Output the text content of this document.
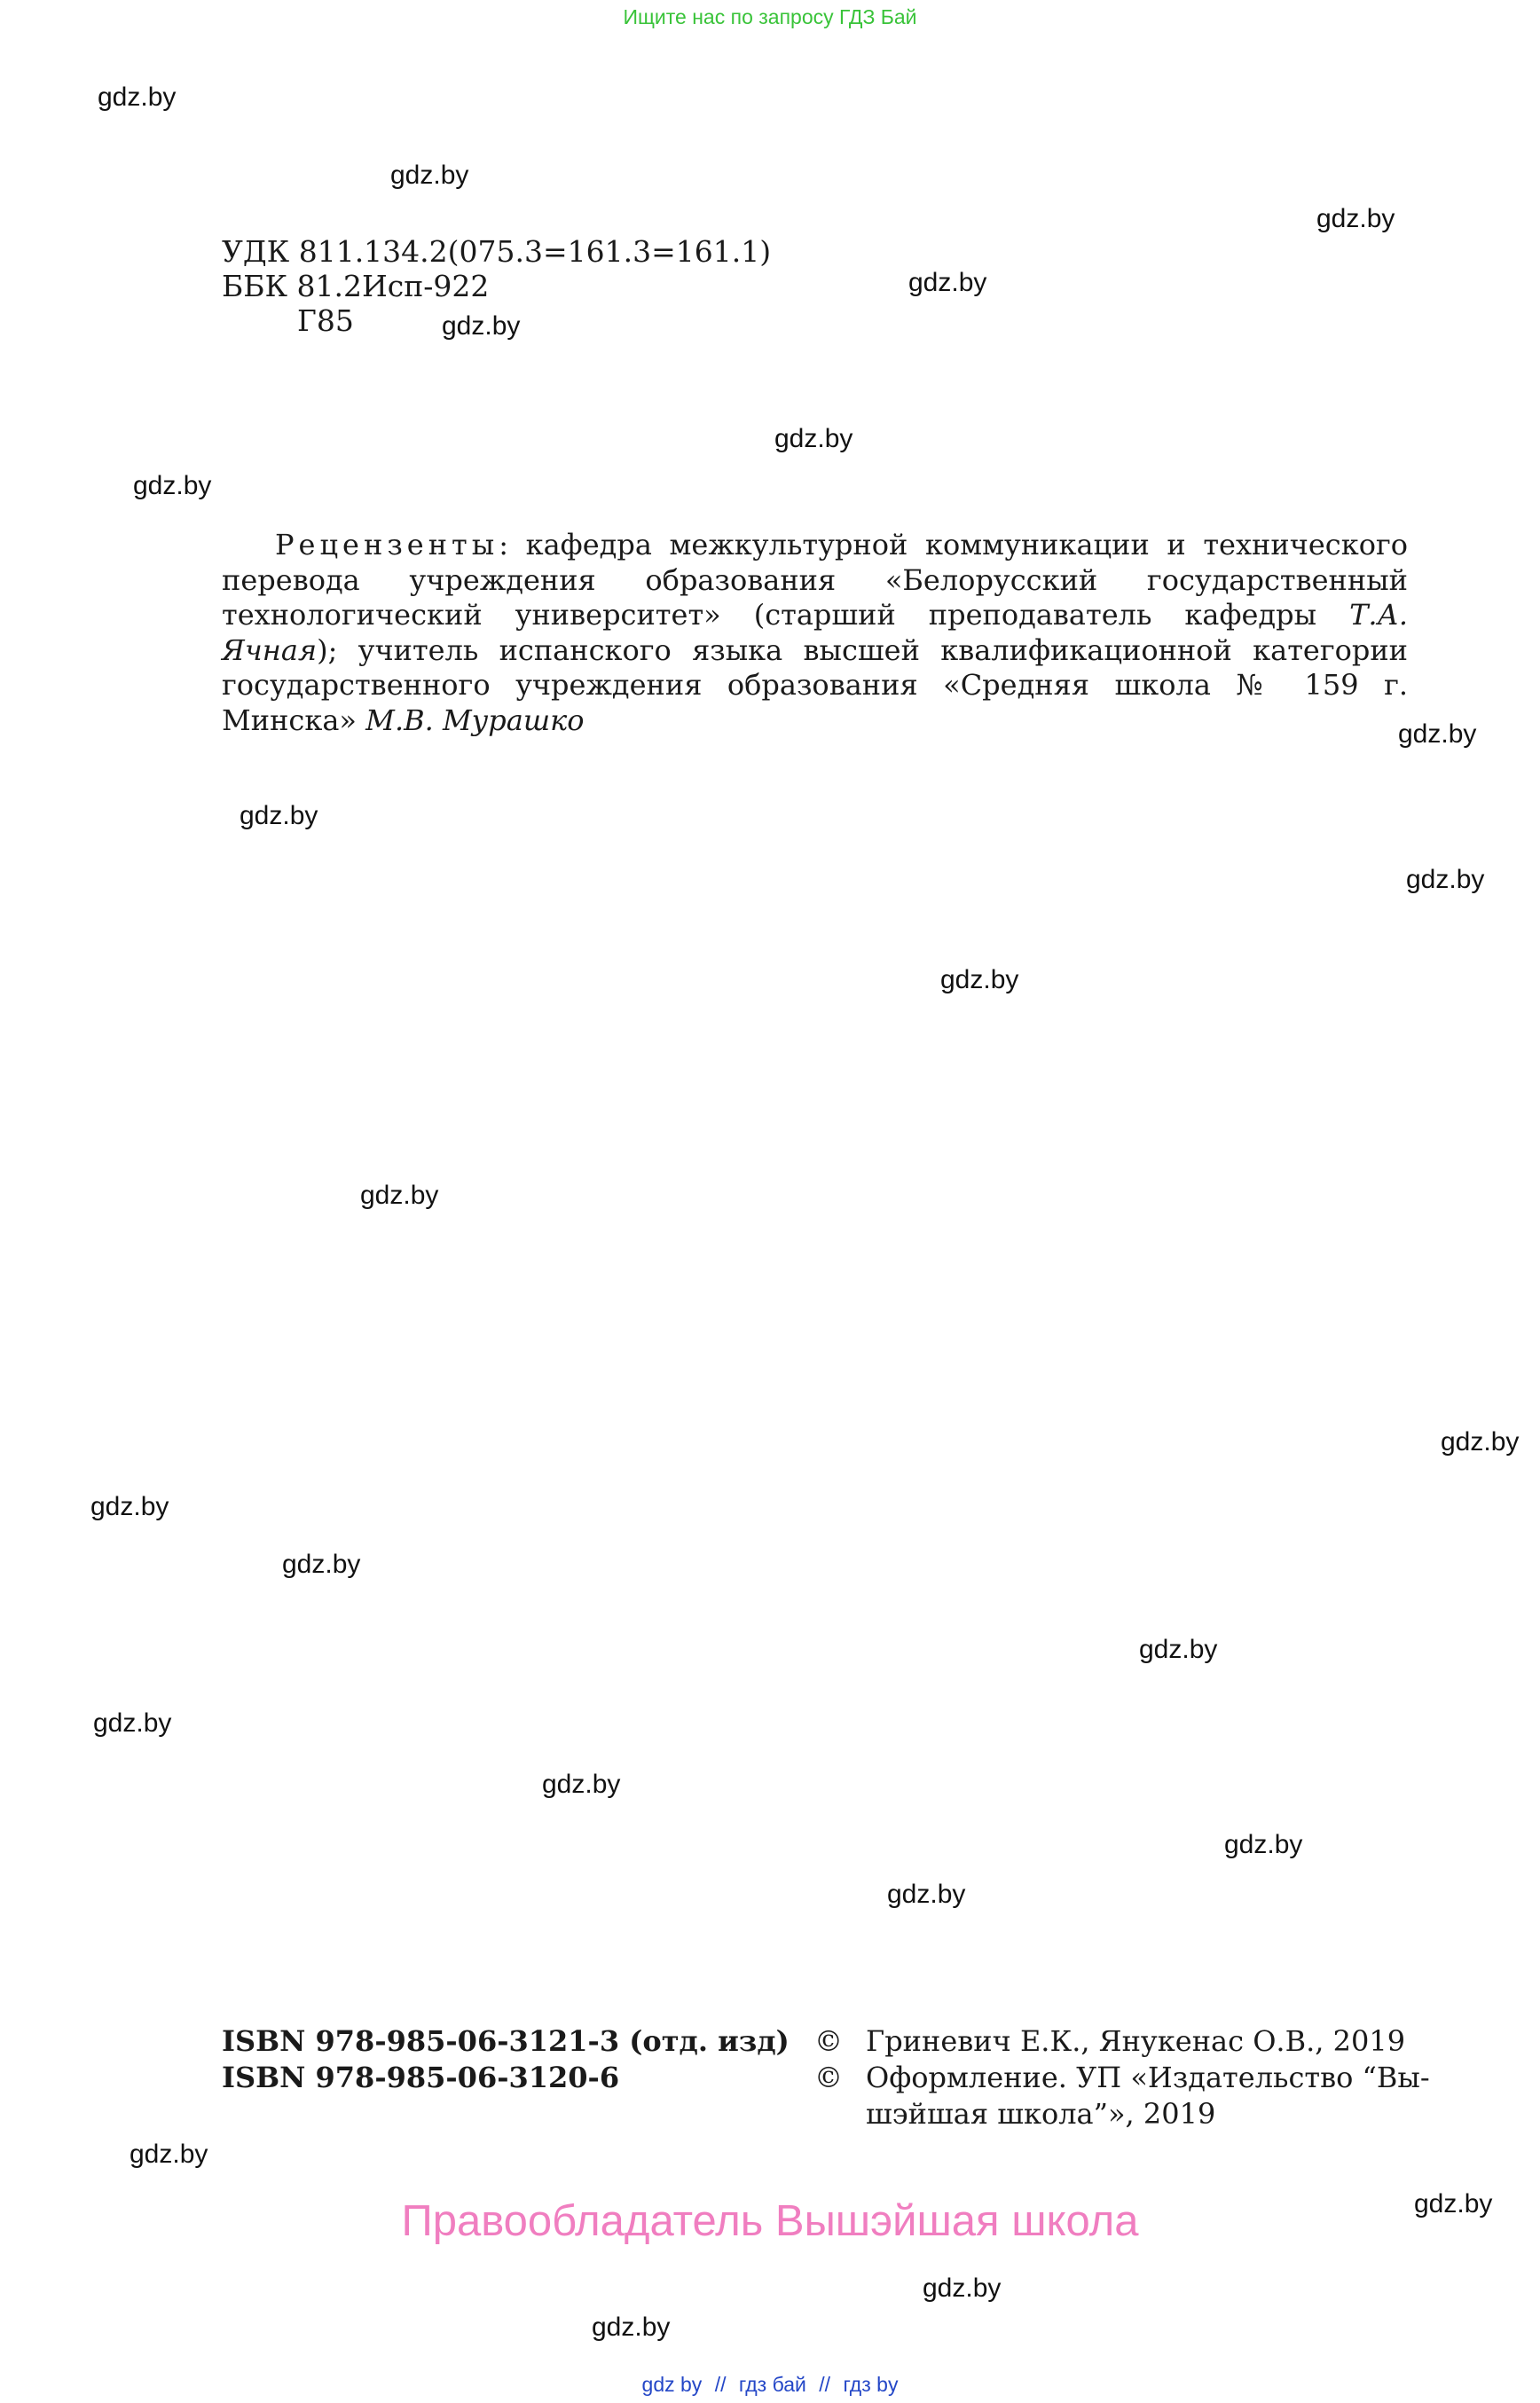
Ищите нас по запросу ГДЗ Бай
gdz.by
gdz.by
gdz.by
gdz.by
gdz.by
gdz.by
gdz.by
gdz.by
gdz.by
gdz.by
gdz.by
gdz.by
gdz.by
gdz.by
gdz.by
gdz.by
gdz.by
gdz.by
gdz.by
gdz.by
gdz.by
gdz.by
gdz.by
gdz.by
УДК 811.134.2(075.3=161.3=161.1)
ББК 81.2Исп-922
Г85
Рецензенты: кафедра межкультурной коммуникации и технического перевода учреждения образования «Белорусский государственный технологический университет» (старший преподаватель кафедры Т.А. Ячная); учитель испанского языка высшей квалификационной категории государственного учреждения образования «Средняя школа № 159 г. Минска» М.В. Мурашко
ISBN 978-985-06-3121-3 (отд. изд)
ISBN 978-985-06-3120-6
© Гриневич Е.К., Янукенас О.В., 2019
© Оформление. УП «Издательство “Вы-
шэйшая школа”», 2019
Правообладатель Вышэйшая школа
gdz by // гдз бай // гдз by
